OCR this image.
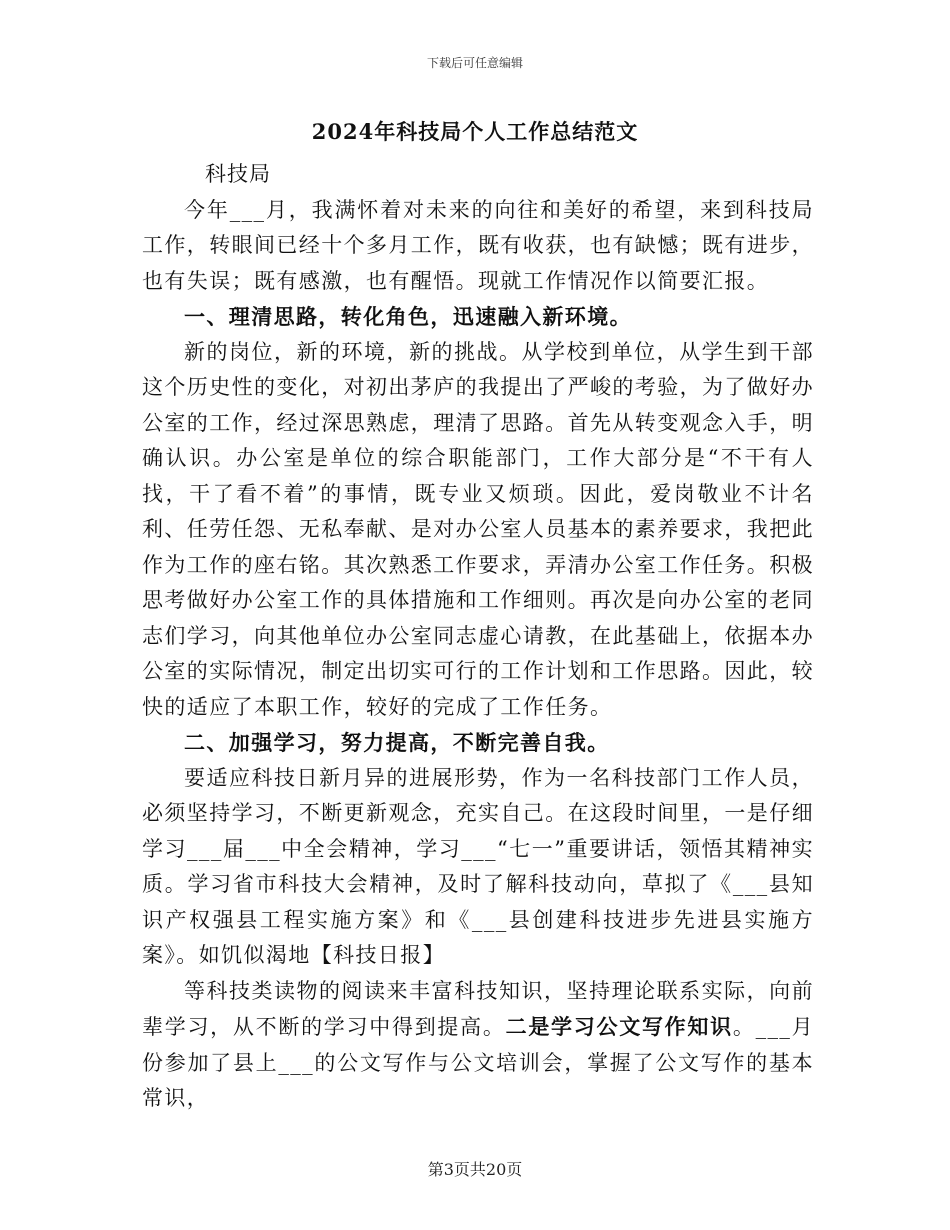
下载后可任意编辑
2024年科技局个人工作总结范文

科技局

今年___月，我满怀着对未来的向往和美好的希望，来到科技局工作，转眼间已经十个多月工作，既有收获，也有缺憾；既有进步，也有失误；既有感激，也有醒悟。现就工作情况作以简要汇报。

一、理清思路，转化角色，迅速融入新环境。

新的岗位，新的环境，新的挑战。从学校到单位，从学生到干部这个历史性的变化，对初出茅庐的我提出了严峻的考验，为了做好办公室的工作，经过深思熟虑，理清了思路。首先从转变观念入手，明确认识。办公室是单位的综合职能部门，工作大部分是“不干有人找，干了看不着”的事情，既专业又烦琐。因此，爱岗敬业不计名利、任劳任怨、无私奉献、是对办公室人员基本的素养要求，我把此作为工作的座右铭。其次熟悉工作要求，弄清办公室工作任务。积极思考做好办公室工作的具体措施和工作细则。再次是向办公室的老同志们学习，向其他单位办公室同志虚心请教，在此基础上，依据本办公室的实际情况，制定出切实可行的工作计划和工作思路。因此，较快的适应了本职工作，较好的完成了工作任务。

二、加强学习，努力提高，不断完善自我。

要适应科技日新月异的进展形势，作为一名科技部门工作人员，必须坚持学习，不断更新观念，充实自己。在这段时间里，一是仔细学习___届___中全会精神，学习___“七一”重要讲话，领悟其精神实质。学习省市科技大会精神，及时了解科技动向，草拟了《___县知识产权强县工程实施方案》和《___县创建科技进步先进县实施方案》。如饥似渴地【科技日报】

等科技类读物的阅读来丰富科技知识，坚持理论联系实际，向前辈学习，从不断的学习中得到提高。二是学习公文写作知识。___月份参加了县上___的公文写作与公文培训会，掌握了公文写作的基本常识，

第3页共20页
